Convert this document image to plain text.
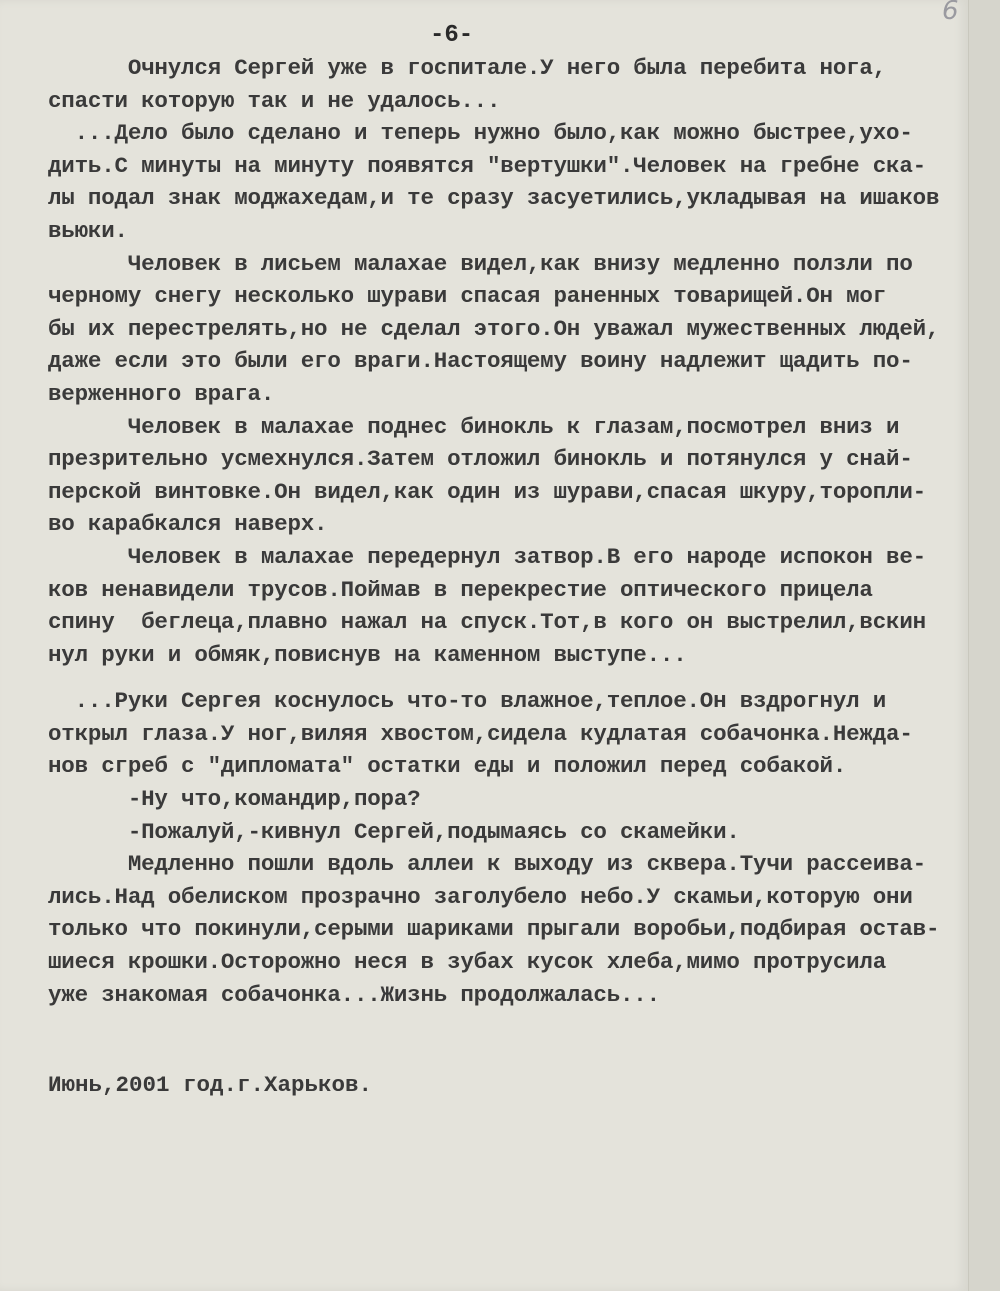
6
-6-
Очнулся Сергей уже в госпитале.У него была перебита нога,
спасти которую так и не удалось...
...Дело было сделано и теперь нужно было,как можно быстрее,ухо-
дить.С минуты на минуту появятся "вертушки".Человек на гребне ска-
лы подал знак моджахедам,и те сразу засуетились,укладывая на ишаков
вьюки.
Человек в лисьем малахае видел,как внизу медленно ползли по
черному снегу несколько шурави спасая раненных товарищей.Он мог
бы их перестрелять,но не сделал этого.Он уважал мужественных людей,
даже если это были его враги.Настоящему воину надлежит щадить по-
верженного врага.
Человек в малахае поднес бинокль к глазам,посмотрел вниз и
презрительно усмехнулся.Затем отложил бинокль и потянулся у снай-
перской винтовке.Он видел,как один из шурави,спасая шкуру,торопли-
во карабкался наверх.
Человек в малахае передернул затвор.В его народе испокон ве-
ков ненавидели трусов.Поймав в перекрестие оптического прицела
спину  беглеца,плавно нажал на спуск.Тот,в кого он выстрелил,вскин
нул руки и обмяк,повиснув на каменном выступе...
...Руки Сергея коснулось что-то влажное,теплое.Он вздрогнул и
открыл глаза.У ног,виляя хвостом,сидела кудлатая собачонка.Нежда-
нов сгреб с "дипломата" остатки еды и положил перед собакой.
-Ну что,командир,пора?
-Пожалуй,-кивнул Сергей,подымаясь со скамейки.
Медленно пошли вдоль аллеи к выходу из сквера.Тучи рассеива-
лись.Над обелиском прозрачно заголубело небо.У скамьи,которую они
только что покинули,серыми шариками прыгали воробьи,подбирая остав-
шиеся крошки.Осторожно неся в зубах кусок хлеба,мимо протрусила
уже знакомая собачонка...Жизнь продолжалась...
Июнь,2001 год.г.Харьков.
